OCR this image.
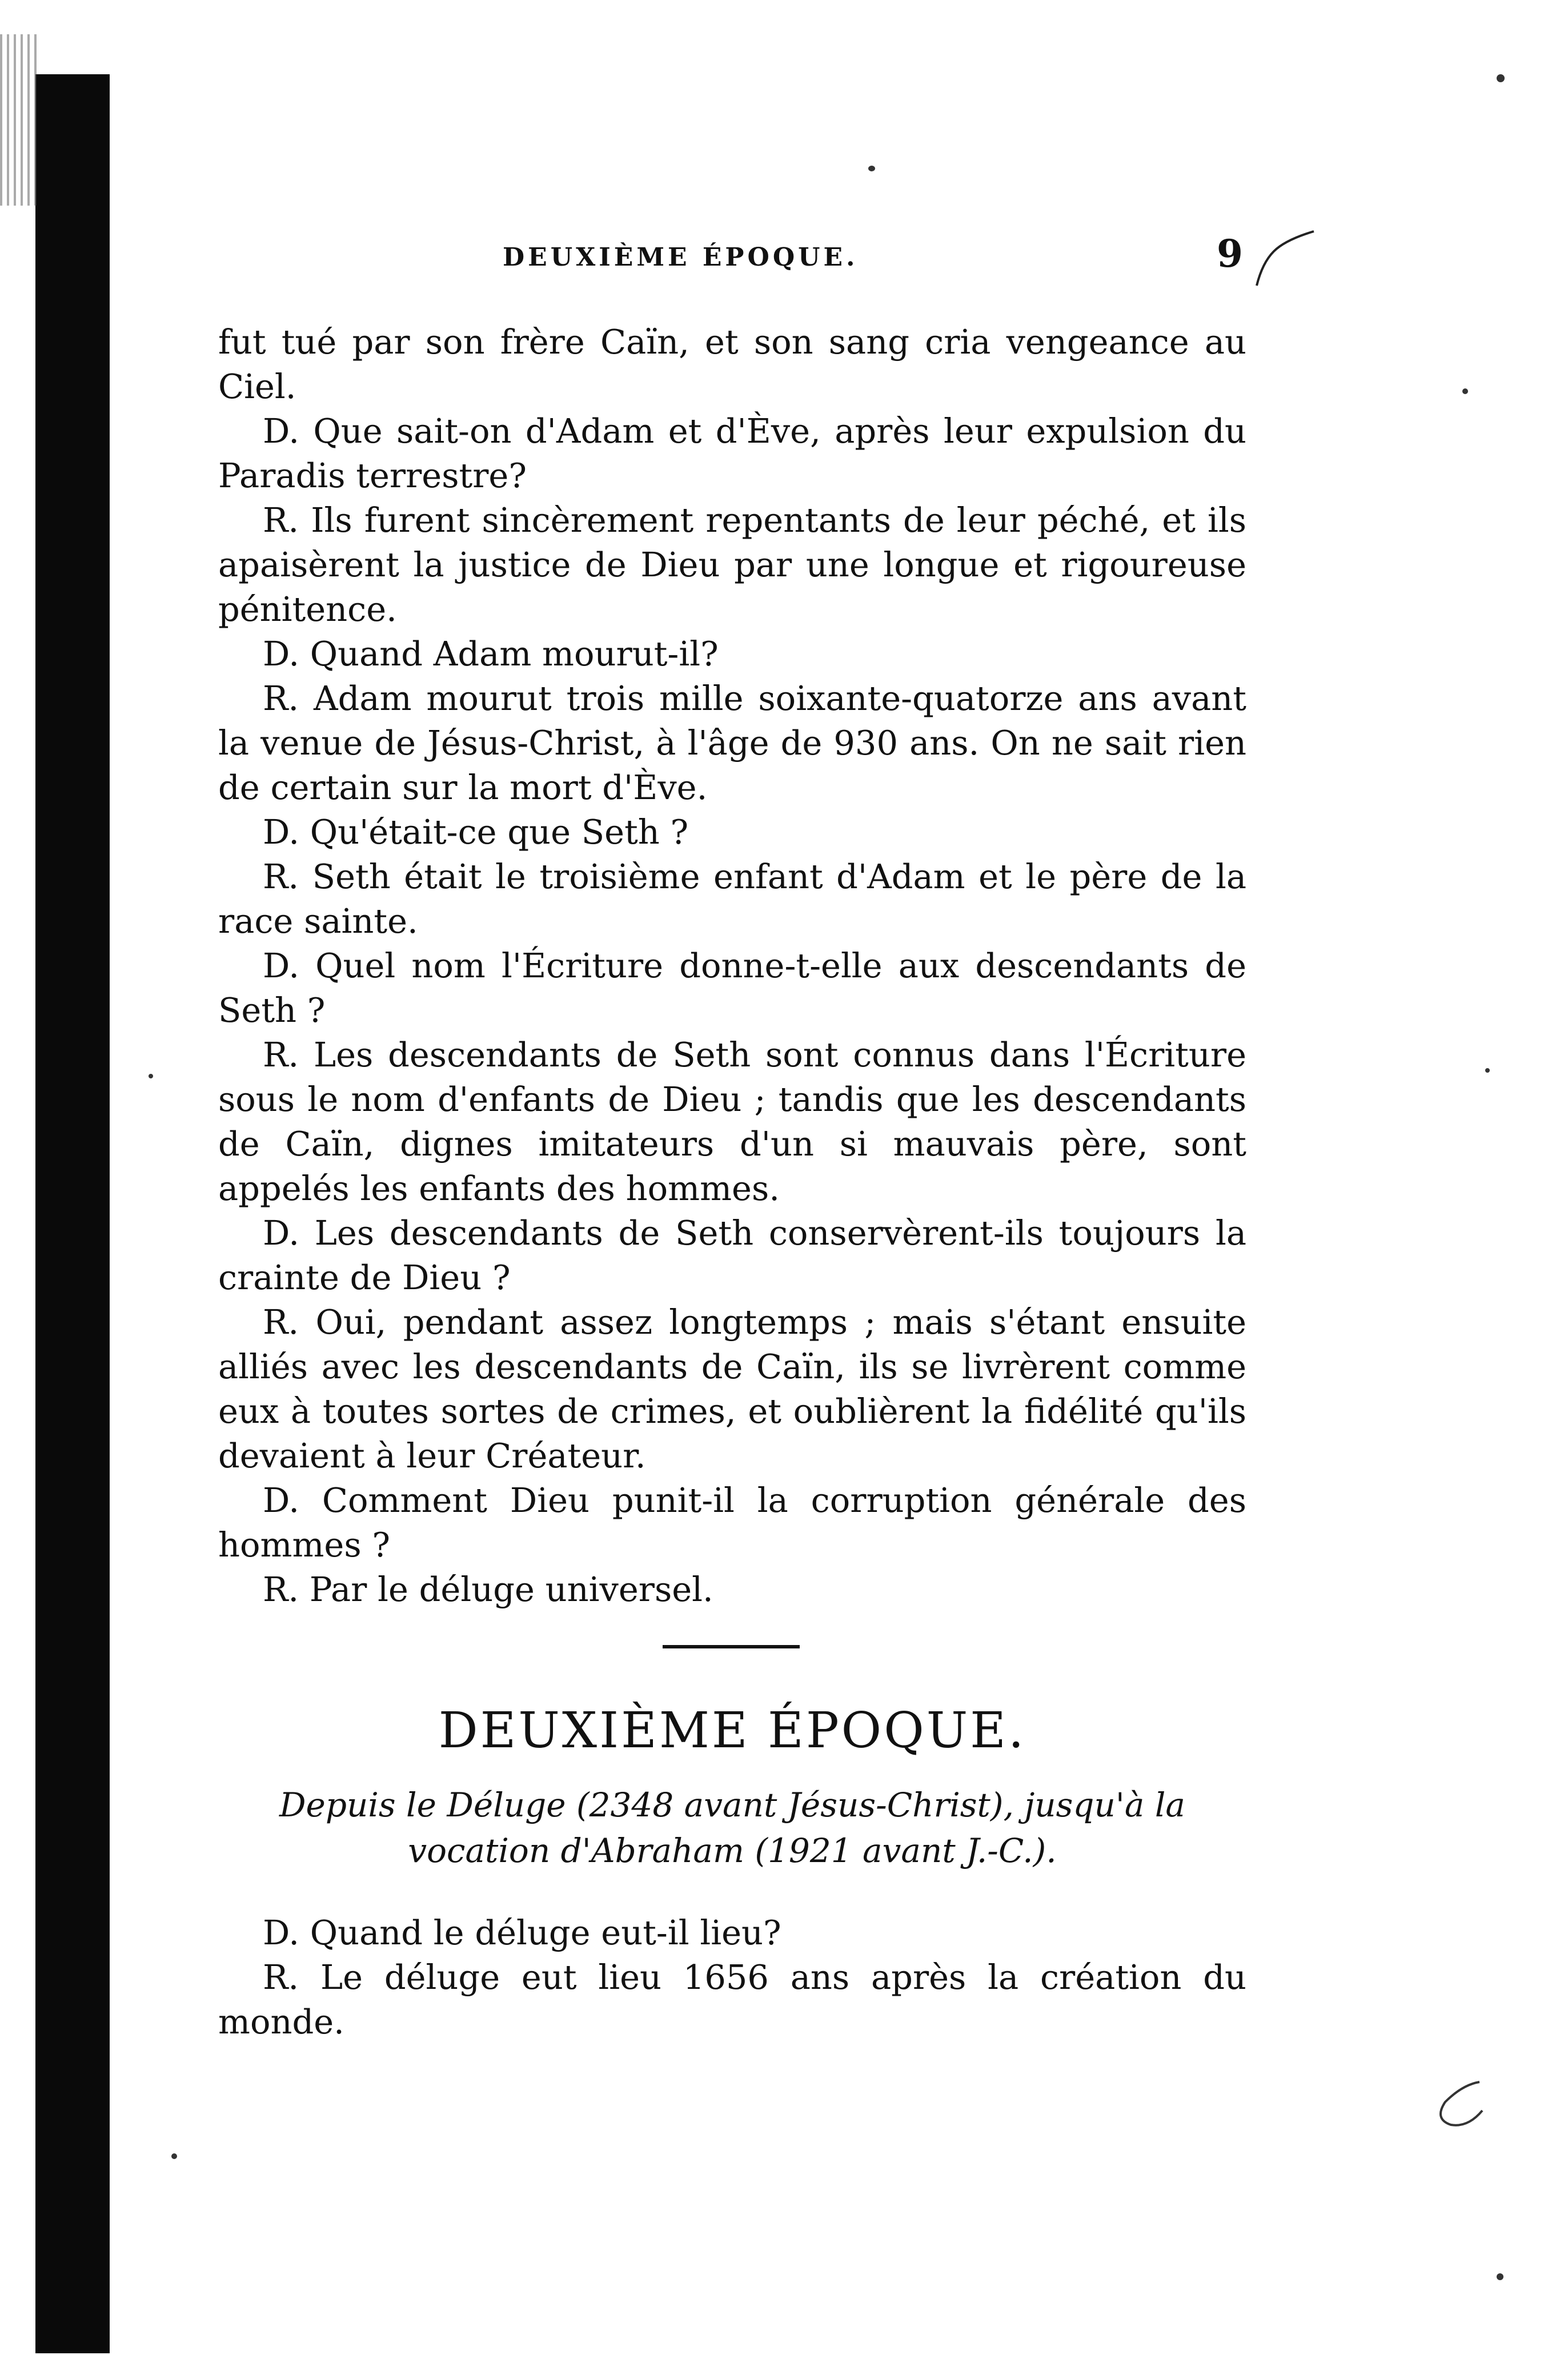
DEUXIÈME ÉPOQUE.	9

fut tué par son frère Caïn, et son sang cria vengeance au Ciel.

D. Que sait-on d'Adam et d'Ève, après leur expulsion du Paradis terrestre?

R. Ils furent sincèrement repentants de leur péché, et ils apaisèrent la justice de Dieu par une longue et rigoureuse pénitence.

D. Quand Adam mourut-il?

R. Adam mourut trois mille soixante-quatorze ans avant la venue de Jésus-Christ, à l'âge de 930 ans. On ne sait rien de certain sur la mort d'Ève.

D. Qu'était-ce que Seth ?

R. Seth était le troisième enfant d'Adam et le père de la race sainte.

D. Quel nom l'Écriture donne-t-elle aux descendants de Seth ?

R. Les descendants de Seth sont connus dans l'Écriture sous le nom d'enfants de Dieu ; tandis que les descendants de Caïn, dignes imitateurs d'un si mauvais père, sont appelés les enfants des hommes.

D. Les descendants de Seth conservèrent-ils toujours la crainte de Dieu ?

R. Oui, pendant assez longtemps ; mais s'étant ensuite alliés avec les descendants de Caïn, ils se livrèrent comme eux à toutes sortes de crimes, et oublièrent la fidélité qu'ils devaient à leur Créateur.

D. Comment Dieu punit-il la corruption générale des hommes ?

R. Par le déluge universel.

DEUXIÈME ÉPOQUE.
Depuis le Déluge (2348 avant Jésus-Christ), jusqu'à la
vocation d'Abraham (1921 avant J.-C.).

D. Quand le déluge eut-il lieu?

R. Le déluge eut lieu 1656 ans après la création du monde.
